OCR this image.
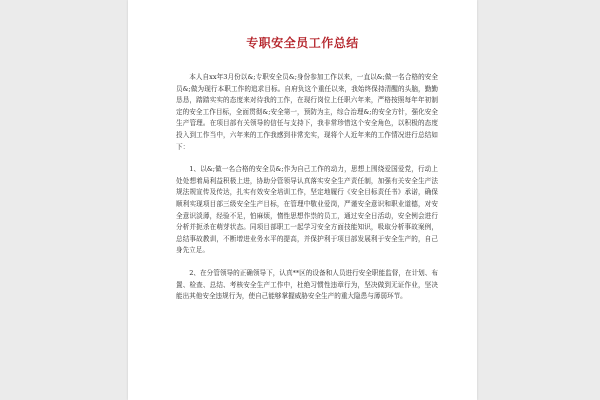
专职安全员工作总结

本人自xx年3月份以&;专职安全员&;身份参加工作以来，一直以&;做一名合格的安全员&;做为现行本职工作的追求目标。自府负这个重任以来，我始终保持清醒的头脑，勤勤恳恳，踏踏实实的态度来对待我的工作，在现行岗位上任职六年来，严格按照每年年初制定的安全工作目标，全面贯彻&;安全第一，预防为主，综合治理&;的安全方针，强化安全生产管理。在项目部有关领导的信任与支持下，我非常珍惜这个安全角色，以积极的态度投入到工作当中，六年来的工作我感到非常充实，现将个人近年来的工作情况进行总结如下：

1、以&;做一名合格的安全员&;作为自己工作的动力，思想上围绕爱国爱党，行动上处处想着局利益积极上进，协助分管领导认真落实安全生产责任制，加强有关安全生产法规法规宣传及传达，扎实有效安全培训工作，坚定地履行《安全目标责任书》承诺，确保顺利实现项目部三级安全生产目标，在管理中敬业爱岗，严谨安全意识和职业道德，对安全意识淡薄，经验不足，怕麻烦，惰性思想作祟的员工，通过安全日活动，安全例会进行分析并扼杀在萌芽状态。同项目部职工一起学习安全方面技能知识，吸取分析事故案例，总结事故教训，不断增进业务水平的提高，并保护利于项目部发展利于安全生产的，自己身先立足。

2、在分管领导的正确领导下，认真**区的设备和人员进行安全职能监督，在计划、布置、检查、总结、考核安全生产工作中，杜绝习惯性违章行为，坚决做到无证作业，坚决能出其他安全违规行为，使自己能够掌握威胁安全生产的重大隐患与薄弱环节。
